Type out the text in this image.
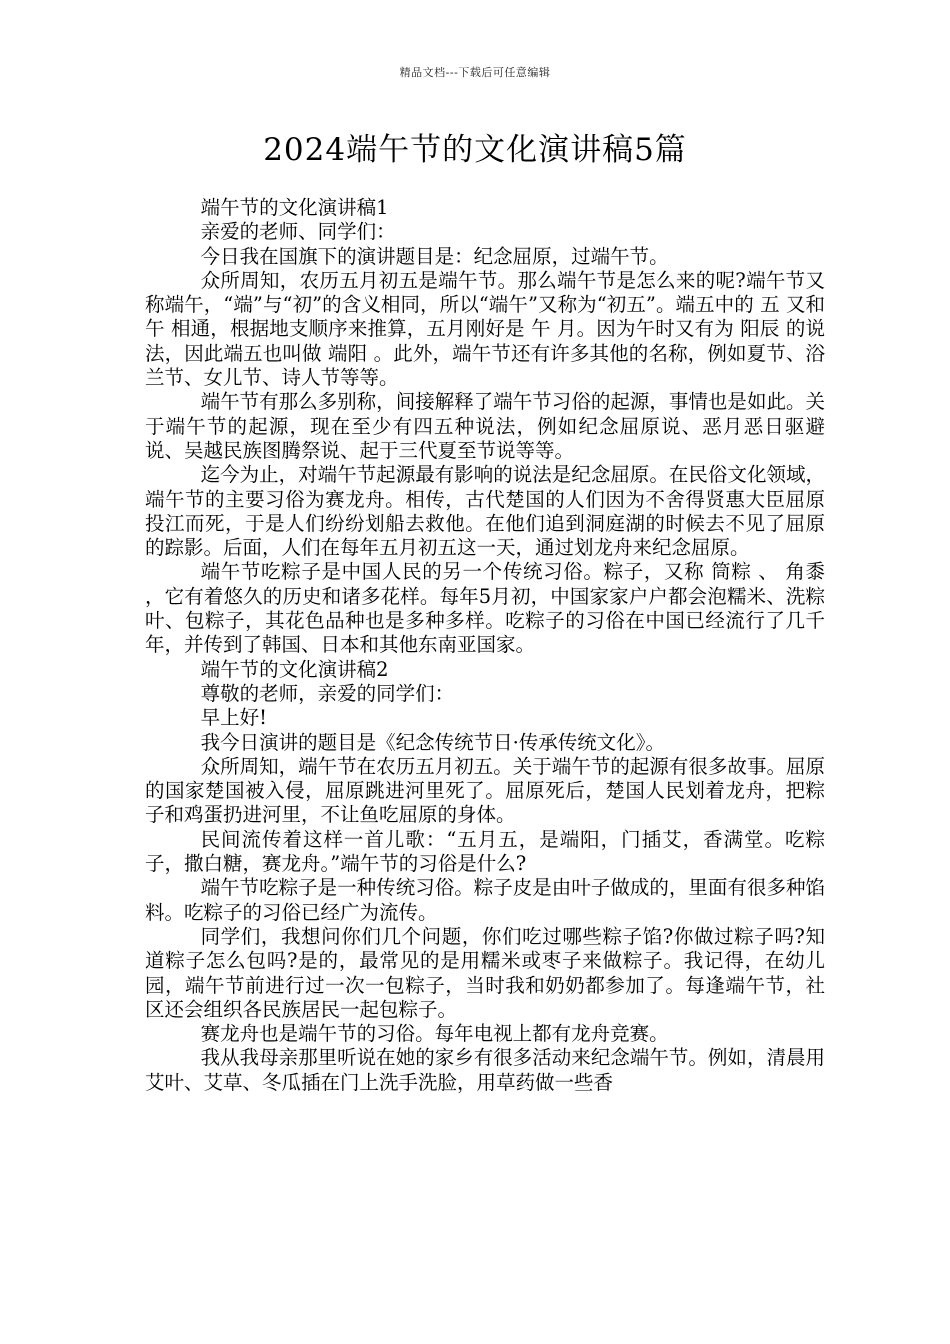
精品文档---下载后可任意编辑
2024端午节的文化演讲稿5篇

端午节的文化演讲稿1

亲爱的老师、同学们：

今日我在国旗下的演讲题目是：纪念屈原，过端午节。

众所周知，农历五月初五是端午节。那么端午节是怎么来的呢?端午节又称端午，“端”与“初”的含义相同，所以“端午”又称为“初五”。端五中的 五 又和 午 相通，根据地支顺序来推算，五月刚好是 午 月。因为午时又有为 阳辰 的说法，因此端五也叫做 端阳 。此外，端午节还有许多其他的名称，例如夏节、浴兰节、女儿节、诗人节等等。

端午节有那么多别称，间接解释了端午节习俗的起源，事情也是如此。关于端午节的起源，现在至少有四五种说法，例如纪念屈原说、恶月恶日驱避说、吴越民族图腾祭说、起于三代夏至节说等等。

迄今为止，对端午节起源最有影响的说法是纪念屈原。在民俗文化领域，端午节的主要习俗为赛龙舟。相传，古代楚国的人们因为不舍得贤惠大臣屈原投江而死，于是人们纷纷划船去救他。在他们追到洞庭湖的时候去不见了屈原的踪影。后面，人们在每年五月初五这一天，通过划龙舟来纪念屈原。

端午节吃粽子是中国人民的另一个传统习俗。粽子，又称 筒粽 、 角黍 ，它有着悠久的历史和诸多花样。每年5月初，中国家家户户都会泡糯米、洗粽叶、包粽子，其花色品种也是多种多样。吃粽子的习俗在中国已经流行了几千年，并传到了韩国、日本和其他东南亚国家。

端午节的文化演讲稿2

尊敬的老师，亲爱的同学们：

早上好!

我今日演讲的题目是《纪念传统节日·传承传统文化》。

众所周知，端午节在农历五月初五。关于端午节的起源有很多故事。屈原的国家楚国被入侵，屈原跳进河里死了。屈原死后，楚国人民划着龙舟，把粽子和鸡蛋扔进河里，不让鱼吃屈原的身体。

民间流传着这样一首儿歌：“五月五，是端阳，门插艾，香满堂。吃粽子，撒白糖，赛龙舟。”端午节的习俗是什么?

端午节吃粽子是一种传统习俗。粽子皮是由叶子做成的，里面有很多种馅料。吃粽子的习俗已经广为流传。

同学们，我想问你们几个问题，你们吃过哪些粽子馅?你做过粽子吗?知道粽子怎么包吗?是的，最常见的是用糯米或枣子来做粽子。我记得，在幼儿园，端午节前进行过一次一包粽子，当时我和奶奶都参加了。每逢端午节，社区还会组织各民族居民一起包粽子。

赛龙舟也是端午节的习俗。每年电视上都有龙舟竞赛。

我从我母亲那里听说在她的家乡有很多活动来纪念端午节。例如，清晨用艾叶、艾草、冬瓜插在门上洗手洗脸，用草药做一些香
